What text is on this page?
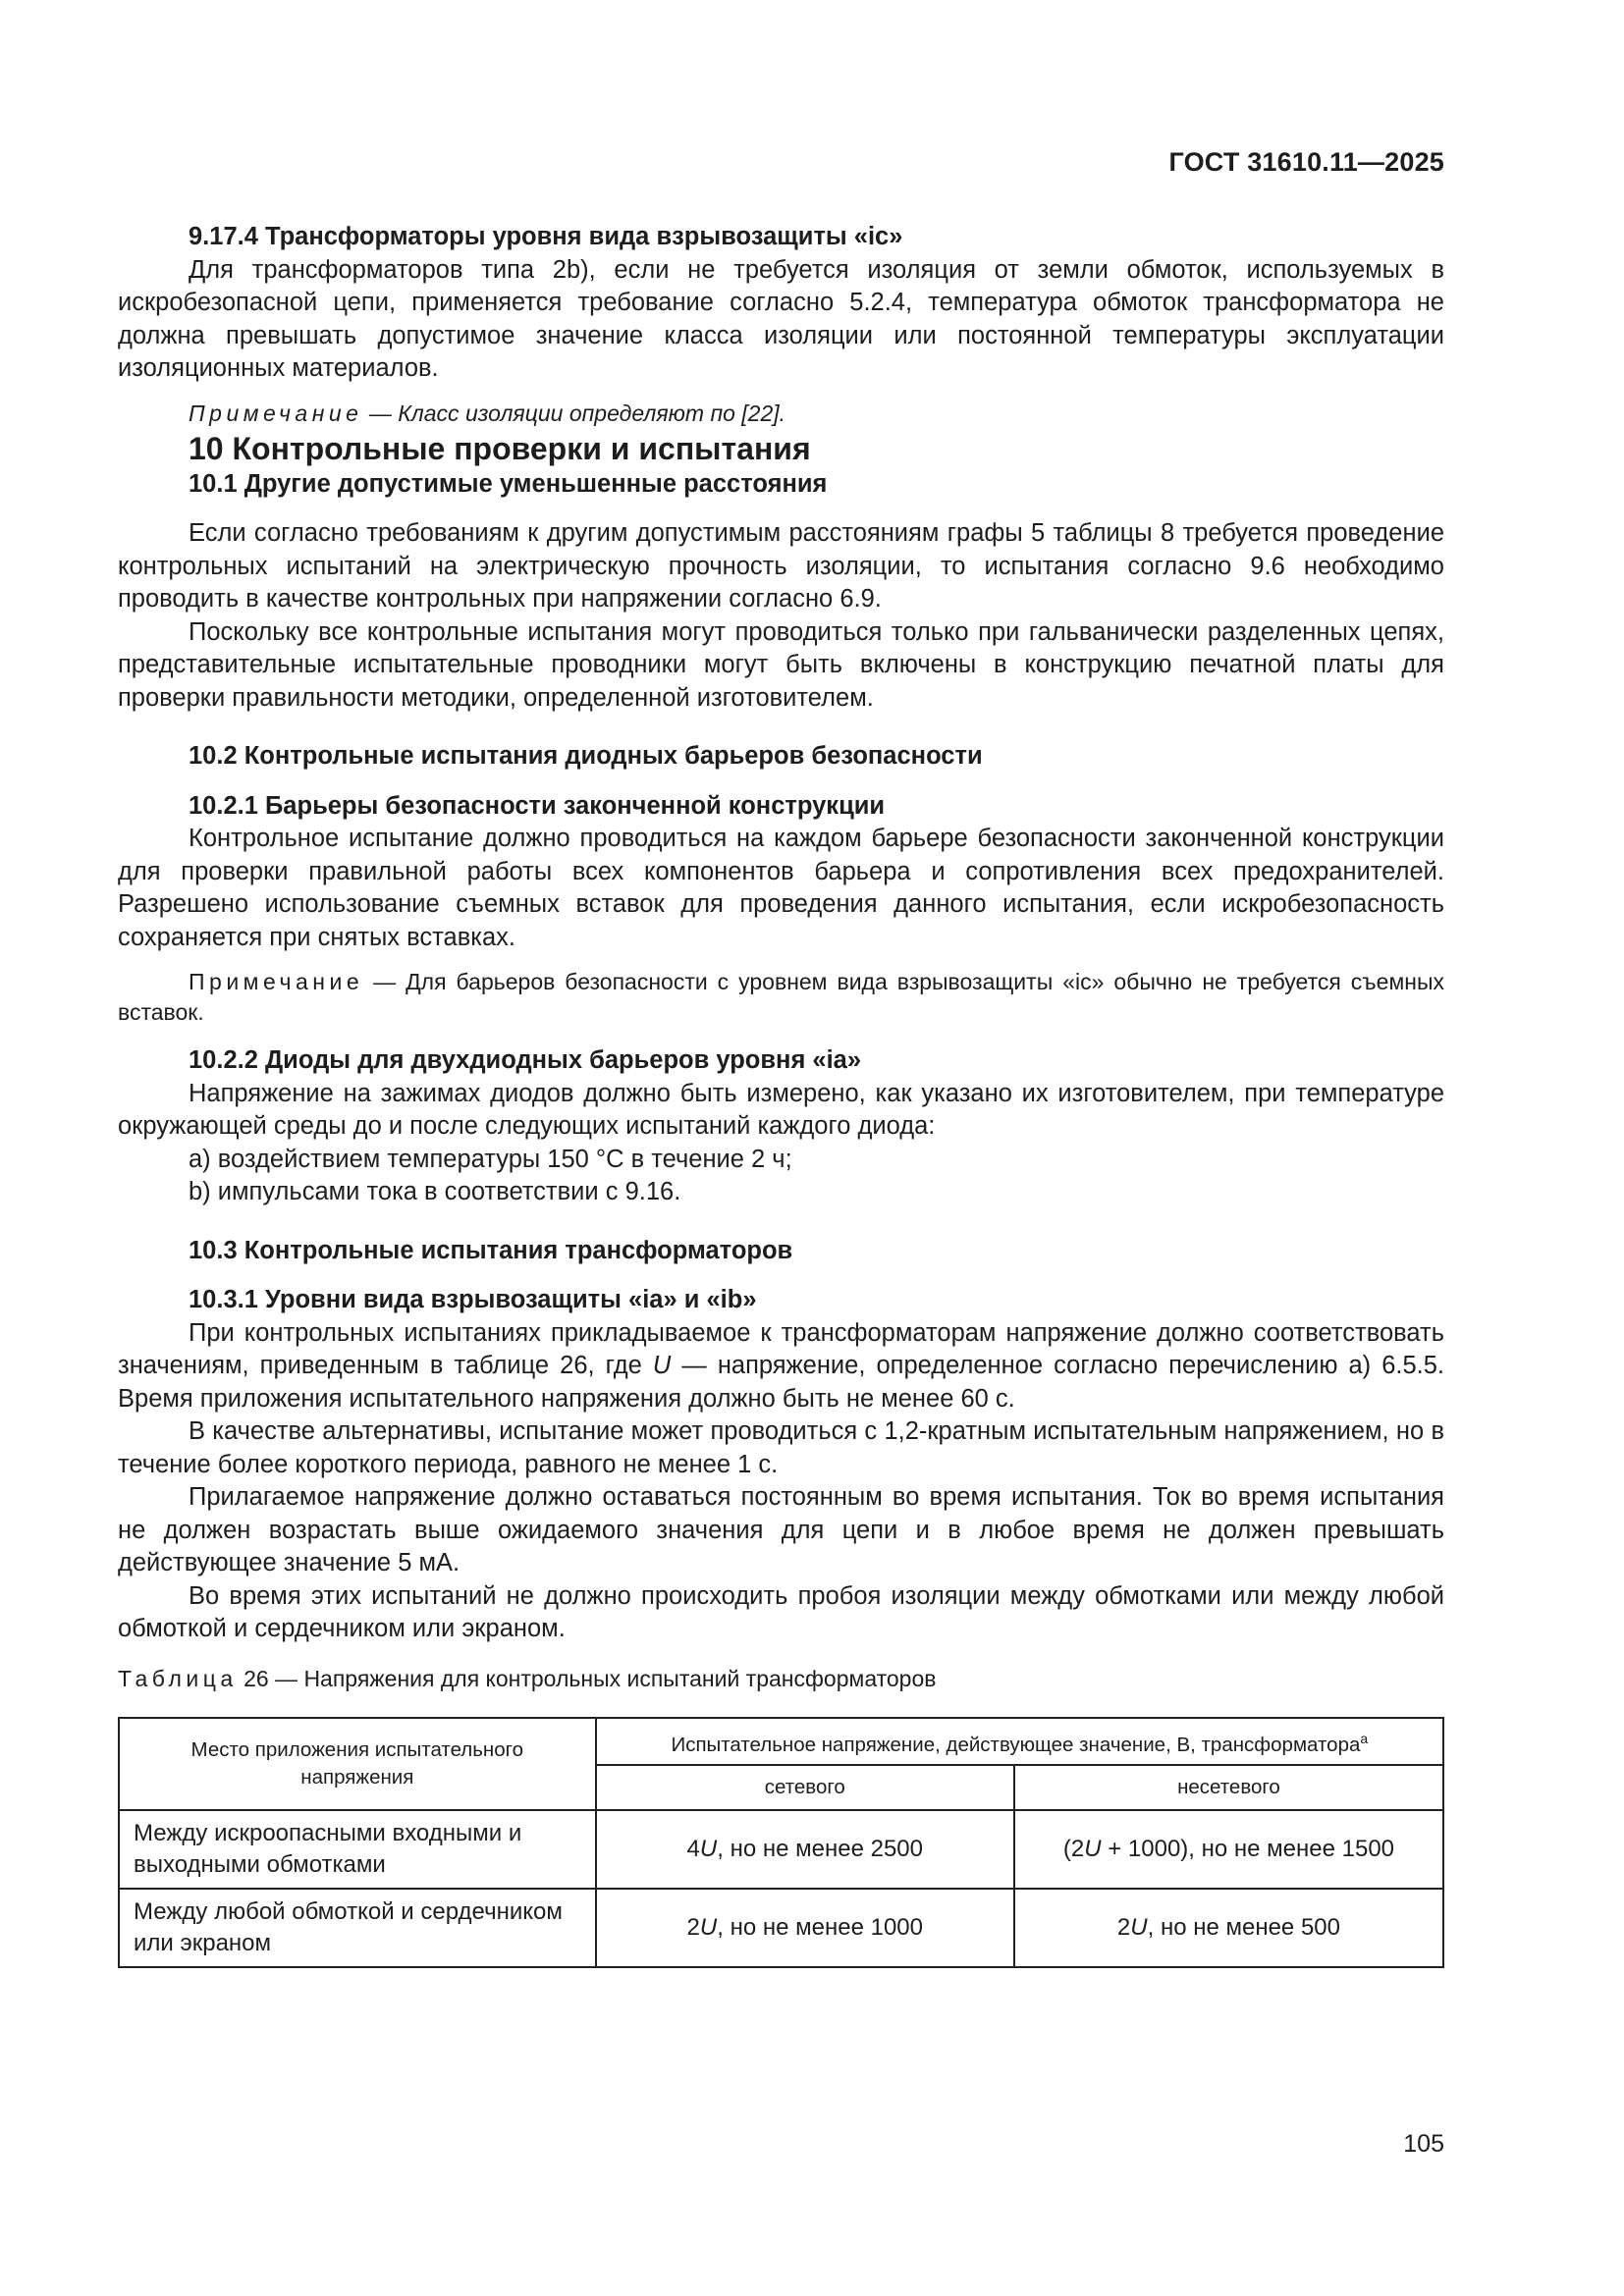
ГОСТ 31610.11—2025

9.17.4 Трансформаторы уровня вида взрывозащиты «ic»

Для трансформаторов типа 2b), если не требуется изоляция от земли обмоток, используемых в искробезопасной цепи, применяется требование согласно 5.2.4, температура обмоток трансформатора не должна превышать допустимое значение класса изоляции или постоянной температуры эксплуатации изоляционных материалов.

Примечание — Класс изоляции определяют по [22].

10 Контрольные проверки и испытания

10.1 Другие допустимые уменьшенные расстояния

Если согласно требованиям к другим допустимым расстояниям графы 5 таблицы 8 требуется проведение контрольных испытаний на электрическую прочность изоляции, то испытания согласно 9.6 необходимо проводить в качестве контрольных при напряжении согласно 6.9.

Поскольку все контрольные испытания могут проводиться только при гальванически разделенных цепях, представительные испытательные проводники могут быть включены в конструкцию печатной платы для проверки правильности методики, определенной изготовителем.

10.2 Контрольные испытания диодных барьеров безопасности

10.2.1 Барьеры безопасности законченной конструкции

Контрольное испытание должно проводиться на каждом барьере безопасности законченной конструкции для проверки правильной работы всех компонентов барьера и сопротивления всех предохранителей. Разрешено использование съемных вставок для проведения данного испытания, если искробезопасность сохраняется при снятых вставках.

Примечание — Для барьеров безопасности с уровнем вида взрывозащиты «ic» обычно не требуется съемных вставок.

10.2.2 Диоды для двухдиодных барьеров уровня «ia»

Напряжение на зажимах диодов должно быть измерено, как указано их изготовителем, при температуре окружающей среды до и после следующих испытаний каждого диода:

a) воздействием температуры 150 °С в течение 2 ч;

b) импульсами тока в соответствии с 9.16.

10.3 Контрольные испытания трансформаторов

10.3.1 Уровни вида взрывозащиты «ia» и «ib»

При контрольных испытаниях прикладываемое к трансформаторам напряжение должно соответствовать значениям, приведенным в таблице 26, где U — напряжение, определенное согласно перечислению а) 6.5.5. Время приложения испытательного напряжения должно быть не менее 60 с.

В качестве альтернативы, испытание может проводиться с 1,2-кратным испытательным напряжением, но в течение более короткого периода, равного не менее 1 с.

Прилагаемое напряжение должно оставаться постоянным во время испытания. Ток во время испытания не должен возрастать выше ожидаемого значения для цепи и в любое время не должен превышать действующее значение 5 мА.

Во время этих испытаний не должно происходить пробоя изоляции между обмотками или между любой обмоткой и сердечником или экраном.

Таблица 26 — Напряжения для контрольных испытаний трансформаторов

Место приложения испытательного напряжения	Испытательное напряжение, действующее значение, В, трансформатора$^a$
	сетевого	несетевого
Между искроопасными входными и выходными обмотками	4U, но не менее 2500	(2U + 1000), но не менее 1500
Между любой обмоткой и сердечником или экраном	2U, но не менее 1000	2U, но не менее 500

105
